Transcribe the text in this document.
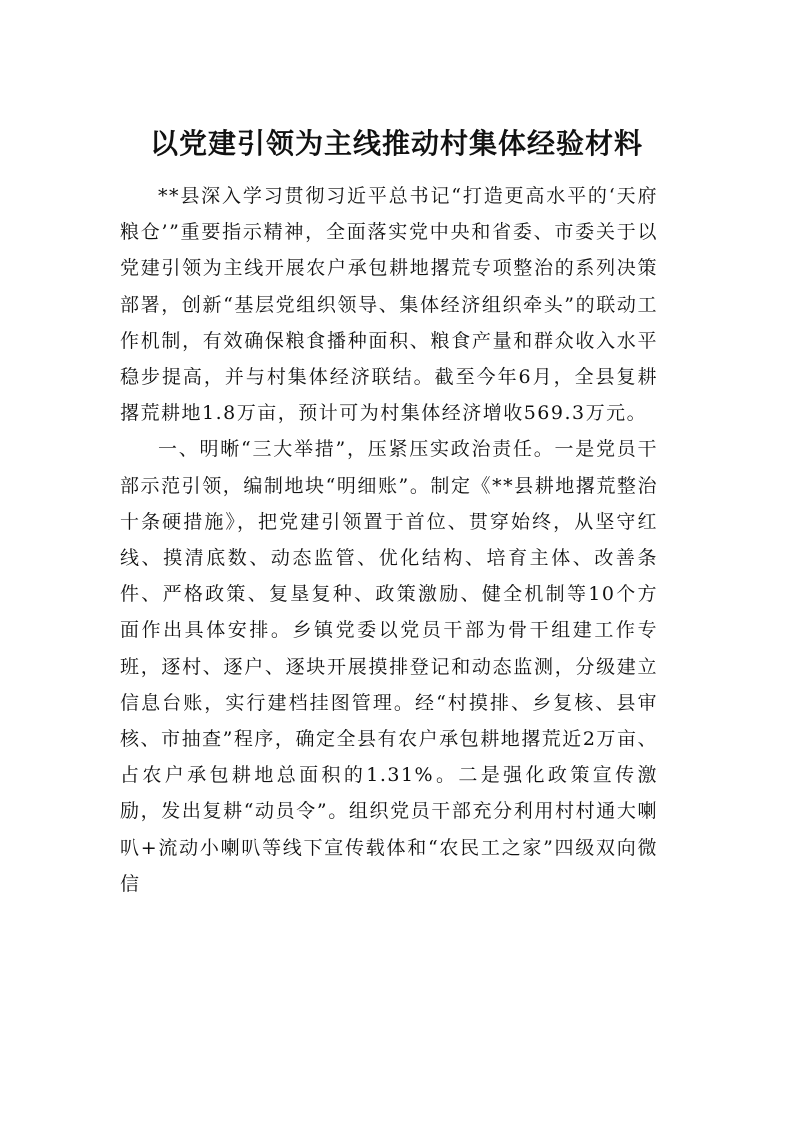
以党建引领为主线推动村集体经验材料

**县深入学习贯彻习近平总书记“打造更高水平的‘天府粮仓’”重要指示精神，全面落实党中央和省委、市委关于以党建引领为主线开展农户承包耕地撂荒专项整治的系列决策部署，创新“基层党组织领导、集体经济组织牵头”的联动工作机制，有效确保粮食播种面积、粮食产量和群众收入水平稳步提高，并与村集体经济联结。截至今年6月，全县复耕撂荒耕地1.8万亩，预计可为村集体经济增收569.3万元。

一、明晰“三大举措”，压紧压实政治责任。一是党员干部示范引领，编制地块“明细账”。制定《**县耕地撂荒整治十条硬措施》，把党建引领置于首位、贯穿始终，从坚守红线、摸清底数、动态监管、优化结构、培育主体、改善条件、严格政策、复垦复种、政策激励、健全机制等10个方面作出具体安排。乡镇党委以党员干部为骨干组建工作专班，逐村、逐户、逐块开展摸排登记和动态监测，分级建立信息台账，实行建档挂图管理。经“村摸排、乡复核、县审核、市抽查”程序，确定全县有农户承包耕地撂荒近2万亩、占农户承包耕地总面积的1.31%。二是强化政策宣传激励，发出复耕“动员令”。组织党员干部充分利用村村通大喇叭+流动小喇叭等线下宣传载体和“农民工之家”四级双向微信
